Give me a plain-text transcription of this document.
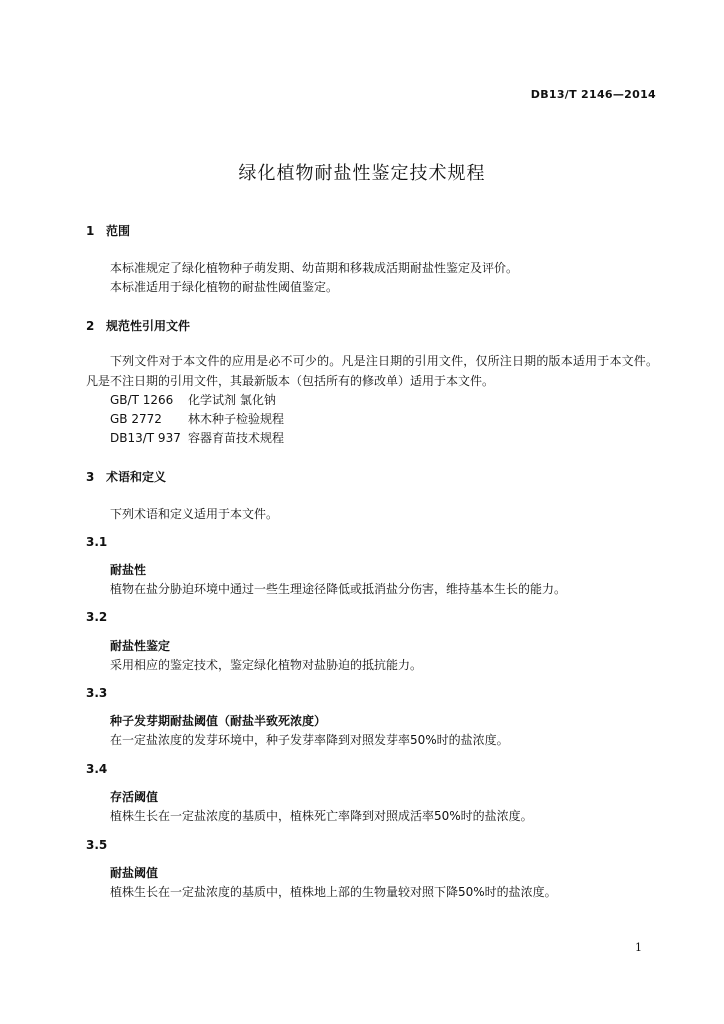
DB13/T 2146—2014
绿化植物耐盐性鉴定技术规程
1 范围
本标准规定了绿化植物种子萌发期、幼苗期和移栽成活期耐盐性鉴定及评价。
本标准适用于绿化植物的耐盐性阈值鉴定。
2 规范性引用文件
下列文件对于本文件的应用是必不可少的。凡是注日期的引用文件，仅所注日期的版本适用于本文件。凡是不注日期的引用文件，其最新版本（包括所有的修改单）适用于本文件。
GB/T 1266 化学试剂 氯化钠
GB 2772 林木种子检验规程
DB13/T 937 容器育苗技术规程
3 术语和定义
下列术语和定义适用于本文件。
3.1
耐盐性
植物在盐分胁迫环境中通过一些生理途径降低或抵消盐分伤害，维持基本生长的能力。
3.2
耐盐性鉴定
采用相应的鉴定技术，鉴定绿化植物对盐胁迫的抵抗能力。
3.3
种子发芽期耐盐阈值（耐盐半致死浓度）
在一定盐浓度的发芽环境中，种子发芽率降到对照发芽率50%时的盐浓度。
3.4
存活阈值
植株生长在一定盐浓度的基质中，植株死亡率降到对照成活率50%时的盐浓度。
3.5
耐盐阈值
植株生长在一定盐浓度的基质中，植株地上部的生物量较对照下降50%时的盐浓度。
1
